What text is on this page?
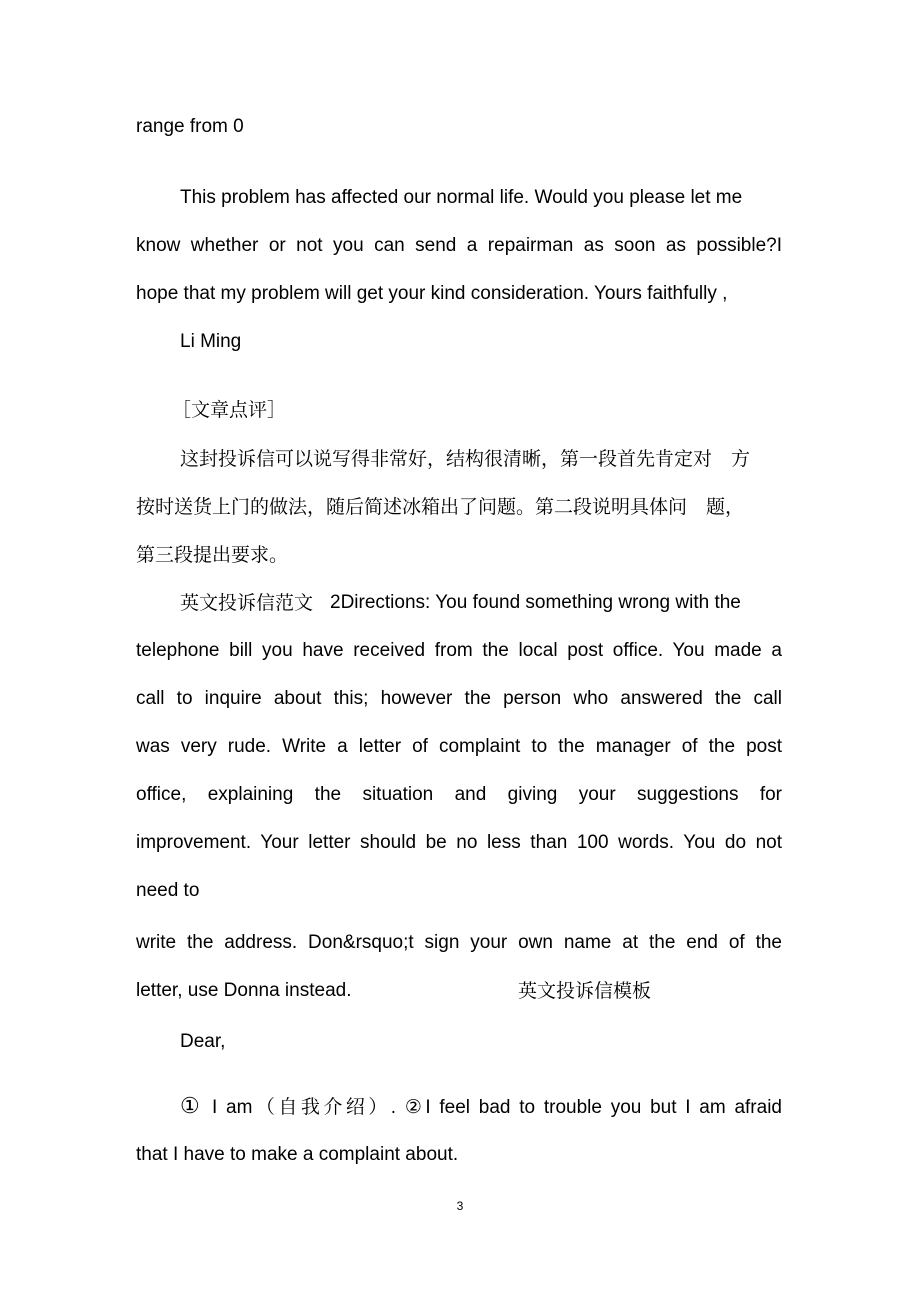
range from 0
This problem has affected our normal life. Would you please let me
know whether or not you can send a repairman as soon as possible?I
hope that my problem will get your kind consideration. Yours faithfully ,
Li Ming
［文章点评］
这封投诉信可以说写得非常好，结构很清晰，第一段首先肯定对　方
按时送货上门的做法，随后简述冰箱出了问题。第二段说明具体问　题，
第三段提出要求。
英文投诉信范文 2Directions: You found something wrong with the
telephone bill you have received from the local post office. You made a
call to inquire about this; however the person who answered the call
was very rude. Write a letter of complaint to the manager of the post
office, explaining the situation and giving your suggestions for
improvement. Your letter should be no less than 100 words. You do not
need to
write the address. Don&rsquo;t sign your own name at the end of the
letter, use Donna instead.	英文投诉信模板
Dear,
① I am（自我介绍）. ②I feel bad to trouble you but I am afraid
that I have to make a complaint about.
3
